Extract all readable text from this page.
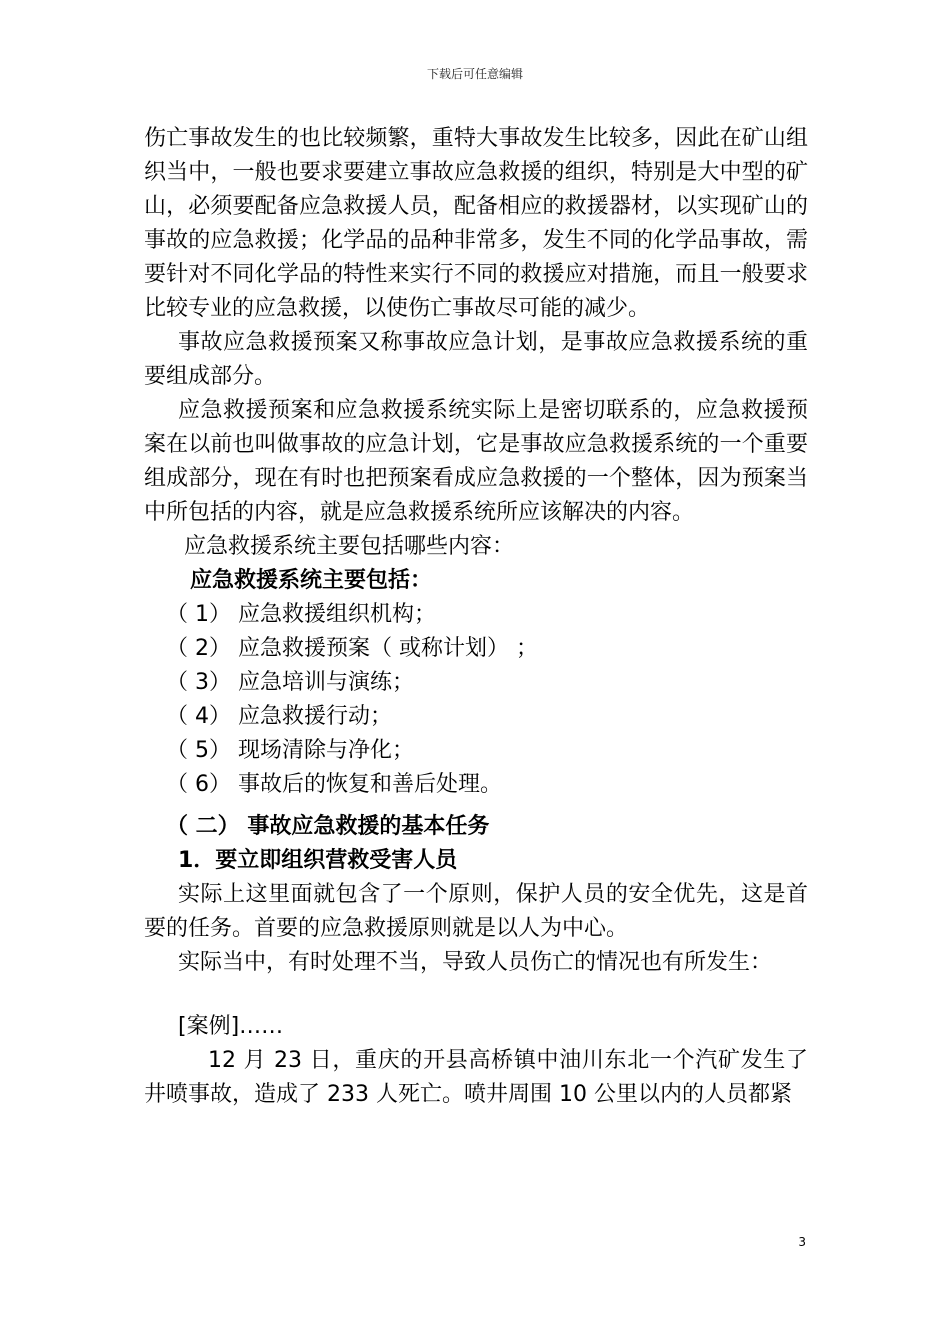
下载后可任意编辑

伤亡事故发生的也比较频繁，重特大事故发生比较多，因此在矿山组织当中，一般也要求要建立事故应急救援的组织，特别是大中型的矿山，必须要配备应急救援人员，配备相应的救援器材，以实现矿山的事故的应急救援；化学品的品种非常多，发生不同的化学品事故，需要针对不同化学品的特性来实行不同的救援应对措施，而且一般要求比较专业的应急救援，以使伤亡事故尽可能的减少。

事故应急救援预案又称事故应急计划，是事故应急救援系统的重要组成部分。

应急救援预案和应急救援系统实际上是密切联系的，应急救援预案在以前也叫做事故的应急计划，它是事故应急救援系统的一个重要组成部分，现在有时也把预案看成应急救援的一个整体，因为预案当中所包括的内容，就是应急救援系统所应该解决的内容。

应急救援系统主要包括哪些内容：

应急救援系统主要包括：

（ 1） 应急救援组织机构；
（ 2） 应急救援预案（ 或称计划） ；
（ 3） 应急培训与演练；
（ 4） 应急救援行动；
（ 5） 现场清除与净化；
（ 6） 事故后的恢复和善后处理。

（ 二） 事故应急救援的基本任务

1．要立即组织营救受害人员

实际上这里面就包含了一个原则，保护人员的安全优先，这是首要的任务。首要的应急救援原则就是以人为中心。

实际当中，有时处理不当，导致人员伤亡的情况也有所发生：

[案例]……

12 月 23 日，重庆的开县高桥镇中油川东北一个汽矿发生了井喷事故，造成了 233 人死亡。喷井周围 10 公里以内的人员都紧

3
